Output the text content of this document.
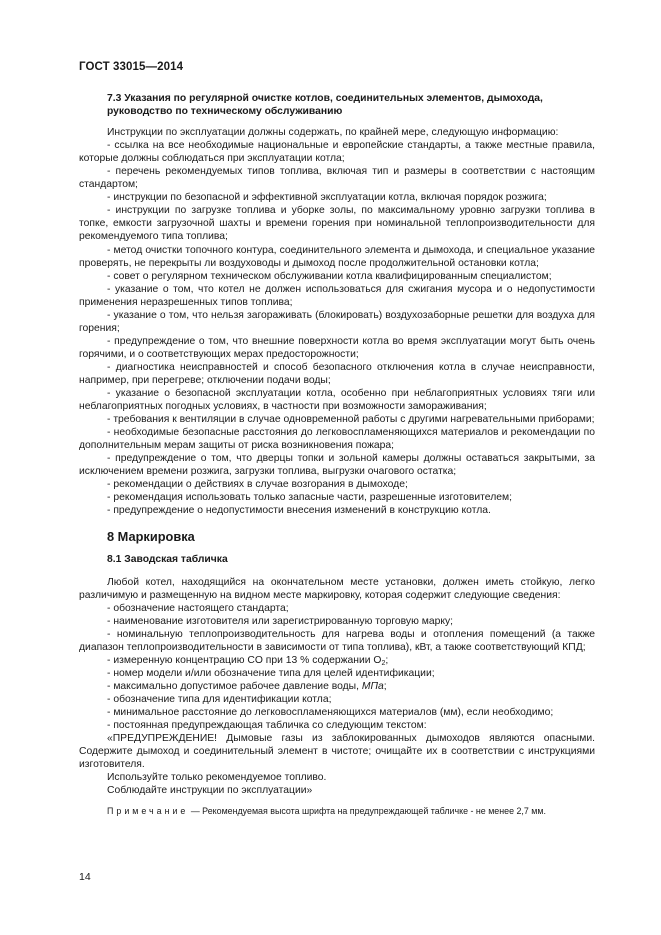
ГОСТ 33015—2014

7.3 Указания по регулярной очистке котлов, соединительных элементов, дымохода,

руководство по техническому обслуживанию

Инструкции по эксплуатации должны содержать, по крайней мере, следующую информацию:

- ссылка на все необходимые национальные и европейские стандарты, а также местные правила, которые должны соблюдаться при эксплуатации котла;

- перечень рекомендуемых типов топлива, включая тип и размеры в соответствии с настоящим стандартом;

- инструкции по безопасной и эффективной эксплуатации котла, включая порядок розжига;

- инструкции по загрузке топлива и уборке золы, по максимальному уровню загрузки топлива в топке, емкости загрузочной шахты и времени горения при номинальной теплопроизводительности для рекомендуемого типа топлива;

- метод очистки топочного контура, соединительного элемента и дымохода, и специальное указание проверять, не перекрыты ли воздуховоды и дымоход после продолжительной остановки котла;

- совет о регулярном техническом обслуживании котла квалифицированным специалистом;

- указание о том, что котел не должен использоваться для сжигания мусора и о недопустимости применения неразрешенных типов топлива;

- указание о том, что нельзя загораживать (блокировать) воздухозаборные решетки для воздуха для горения;

- предупреждение о том, что внешние поверхности котла во время эксплуатации могут быть очень горячими, и о соответствующих мерах предосторожности;

- диагностика неисправностей и способ безопасного отключения котла в случае неисправности, например, при перегреве; отключении подачи воды;

- указание о безопасной эксплуатации котла, особенно при неблагоприятных условиях тяги или неблагоприятных погодных условиях, в частности при возможности замораживания;

- требования к вентиляции в случае одновременной работы с другими нагревательными приборами;

- необходимые безопасные расстояния до легковоспламеняющихся материалов и рекомендации по дополнительным мерам защиты от риска возникновения пожара;

- предупреждение о том, что дверцы топки и зольной камеры должны оставаться закрытыми, за исключением времени розжига, загрузки топлива, выгрузки очагового остатка;

- рекомендации о действиях в случае возгорания в дымоходе;

- рекомендация использовать только запасные части, разрешенные изготовителем;

- предупреждение о недопустимости внесения изменений в конструкцию котла.

8 Маркировка

8.1 Заводская табличка

Любой котел, находящийся на окончательном месте установки, должен иметь стойкую, легко различимую и размещенную на видном месте маркировку, которая содержит следующие сведения:

- обозначение настоящего стандарта;

- наименование изготовителя или зарегистрированную торговую марку;

- номинальную теплопроизводительность для нагрева воды и отопления помещений (а также диапазон теплопроизводительности в зависимости от типа топлива), кВт, а также соответствующий КПД;

- измеренную концентрацию CO при 13 % содержании $O_2$;

- номер модели и/или обозначение типа для целей идентификации;

- максимально допустимое рабочее давление воды, МПа;

- обозначение типа для идентификации котла;

- минимальное расстояние до легковоспламеняющихся материалов (мм), если необходимо;

- постоянная предупреждающая табличка со следующим текстом:

«ПРЕДУПРЕЖДЕНИЕ! Дымовые газы из заблокированных дымоходов являются опасными. Содержите дымоход и соединительный элемент в чистоте; очищайте их в соответствии с инструкциями изготовителя.

Используйте только рекомендуемое топливо.

Соблюдайте инструкции по эксплуатации»

Примечание — Рекомендуемая высота шрифта на предупреждающей табличке - не менее 2,7 мм.

14
